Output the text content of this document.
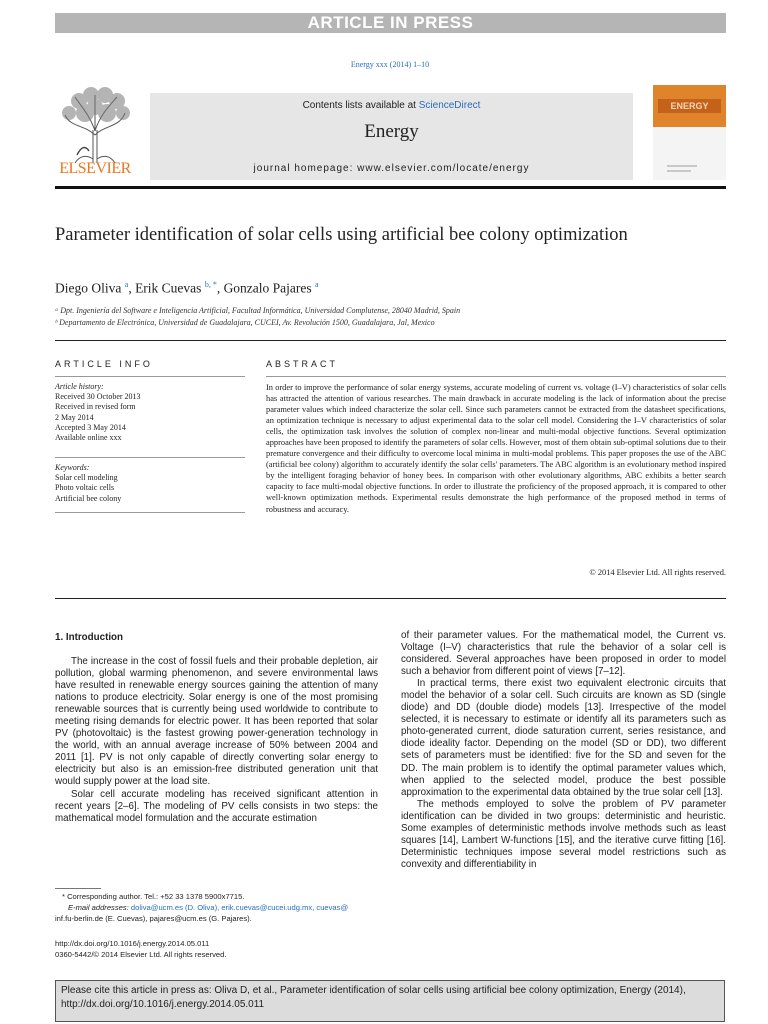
ARTICLE IN PRESS
Energy xxx (2014) 1–10
ELSEVIER
Contents lists available at ScienceDirect
Energy
journal homepage: www.elsevier.com/locate/energy
ENERGY
Parameter identification of solar cells using artificial bee colony optimization
Diego Oliva $^a$, Erik Cuevas $^{b, *}$, Gonzalo Pajares $^a$
ᵃ Dpt. Ingeniería del Software e Inteligencia Artificial, Facultad Informática, Universidad Complutense, 28040 Madrid, Spain
ᵇ Departamento de Electrónica, Universidad de Guadalajara, CUCEI, Av. Revolución 1500, Guadalajara, Jal, Mexico
ARTICLE INFO	ABSTRACT
Article history:
Received 30 October 2013
Received in revised form
2 May 2014
Accepted 3 May 2014
Available online xxx
Keywords:
Solar cell modeling
Photo voltaic cells
Artificial bee colony
In order to improve the performance of solar energy systems, accurate modeling of current vs. voltage (I–V) characteristics of solar cells has attracted the attention of various researches. The main drawback in accurate modeling is the lack of information about the precise parameter values which indeed characterize the solar cell. Since such parameters cannot be extracted from the datasheet specifications, an optimization technique is necessary to adjust experimental data to the solar cell model. Considering the I–V characteristics of solar cells, the optimization task involves the solution of complex non-linear and multi-modal objective functions. Several optimization approaches have been proposed to identify the parameters of solar cells. However, most of them obtain sub-optimal solutions due to their premature convergence and their difficulty to overcome local minima in multi-modal problems. This paper proposes the use of the ABC (artificial bee colony) algorithm to accurately identify the solar cells' parameters. The ABC algorithm is an evolutionary method inspired by the intelligent foraging behavior of honey bees. In comparison with other evolutionary algorithms, ABC exhibits a better search capacity to face multi-modal objective functions. In order to illustrate the proficiency of the proposed approach, it is compared to other well-known optimization methods. Experimental results demonstrate the high performance of the proposed method in terms of robustness and accuracy.
© 2014 Elsevier Ltd. All rights reserved.
1. Introduction

The increase in the cost of fossil fuels and their probable depletion, air pollution, global warming phenomenon, and severe environmental laws have resulted in renewable energy sources gaining the attention of many nations to produce electricity. Solar energy is one of the most promising renewable sources that is currently being used worldwide to contribute to meeting rising demands for electric power. It has been reported that solar PV (photovoltaic) is the fastest growing power-generation technology in the world, with an annual average increase of 50% between 2004 and 2011 [1]. PV is not only capable of directly converting solar energy to electricity but also is an emission-free distributed generation unit that would supply power at the load site.

Solar cell accurate modeling has received significant attention in recent years [2–6]. The modeling of PV cells consists in two steps: the mathematical model formulation and the accurate estimation

of their parameter values. For the mathematical model, the Current vs. Voltage (I–V) characteristics that rule the behavior of a solar cell is considered. Several approaches have been proposed in order to model such a behavior from different point of views [7–12].

In practical terms, there exist two equivalent electronic circuits that model the behavior of a solar cell. Such circuits are known as SD (single diode) and DD (double diode) models [13]. Irrespective of the model selected, it is necessary to estimate or identify all its parameters such as photo-generated current, diode saturation current, series resistance, and diode ideality factor. Depending on the model (SD or DD), two different sets of parameters must be identified: five for the SD and seven for the DD. The main problem is to identify the optimal parameter values which, when applied to the selected model, produce the best possible approximation to the experimental data obtained by the true solar cell [13].

The methods employed to solve the problem of PV parameter identification can be divided in two groups: deterministic and heuristic. Some examples of deterministic methods involve methods such as least squares [14], Lambert W-functions [15], and the iterative curve fitting [16]. Deterministic techniques impose several model restrictions such as convexity and differentiability in

* Corresponding author. Tel.: +52 33 1378 5900x7715.
E-mail addresses: doliva@ucm.es (D. Oliva), erik.cuevas@cucei.udg.mx, cuevas@
inf.fu-berlin.de (E. Cuevas), pajares@ucm.es (G. Pajares).
http://dx.doi.org/10.1016/j.energy.2014.05.011
0360-5442/© 2014 Elsevier Ltd. All rights reserved.
Please cite this article in press as: Oliva D, et al., Parameter identification of solar cells using artificial bee colony optimization, Energy (2014), http://dx.doi.org/10.1016/j.energy.2014.05.011
